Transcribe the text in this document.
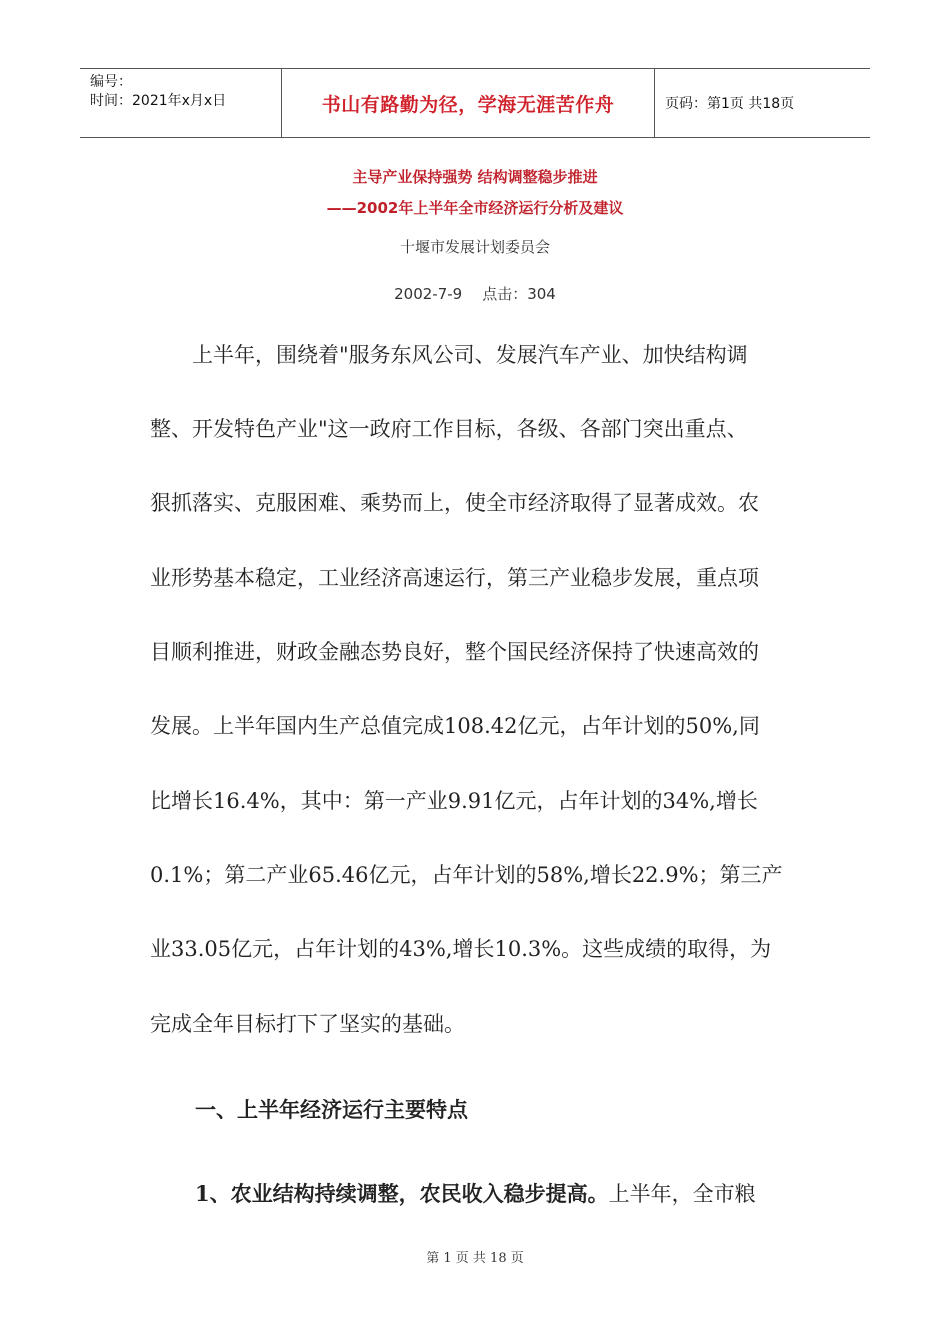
编号：
时间：2021年x月x日	书山有路勤为径，学海无涯苦作舟	页码：第1页 共18页
主导产业保持强势 结构调整稳步推进
——2002年上半年全市经济运行分析及建议
十堰市发展计划委员会
2002-7-9 点击：304
　　上半年，围绕着"服务东风公司、发展汽车产业、加快结构调
整、开发特色产业"这一政府工作目标，各级、各部门突出重点、
狠抓落实、克服困难、乘势而上，使全市经济取得了显著成效。农
业形势基本稳定，工业经济高速运行，第三产业稳步发展，重点项
目顺利推进，财政金融态势良好，整个国民经济保持了快速高效的
发展。上半年国内生产总值完成108.42亿元，占年计划的50%,同
比增长16.4%，其中：第一产业9.91亿元，占年计划的34%,增长
0.1%；第二产业65.46亿元，占年计划的58%,增长22.9%；第三产
业33.05亿元，占年计划的43%,增长10.3%。这些成绩的取得，为
完成全年目标打下了坚实的基础。
一、上半年经济运行主要特点
1、农业结构持续调整，农民收入稳步提高。上半年，全市粮
第 1 页 共 18 页
